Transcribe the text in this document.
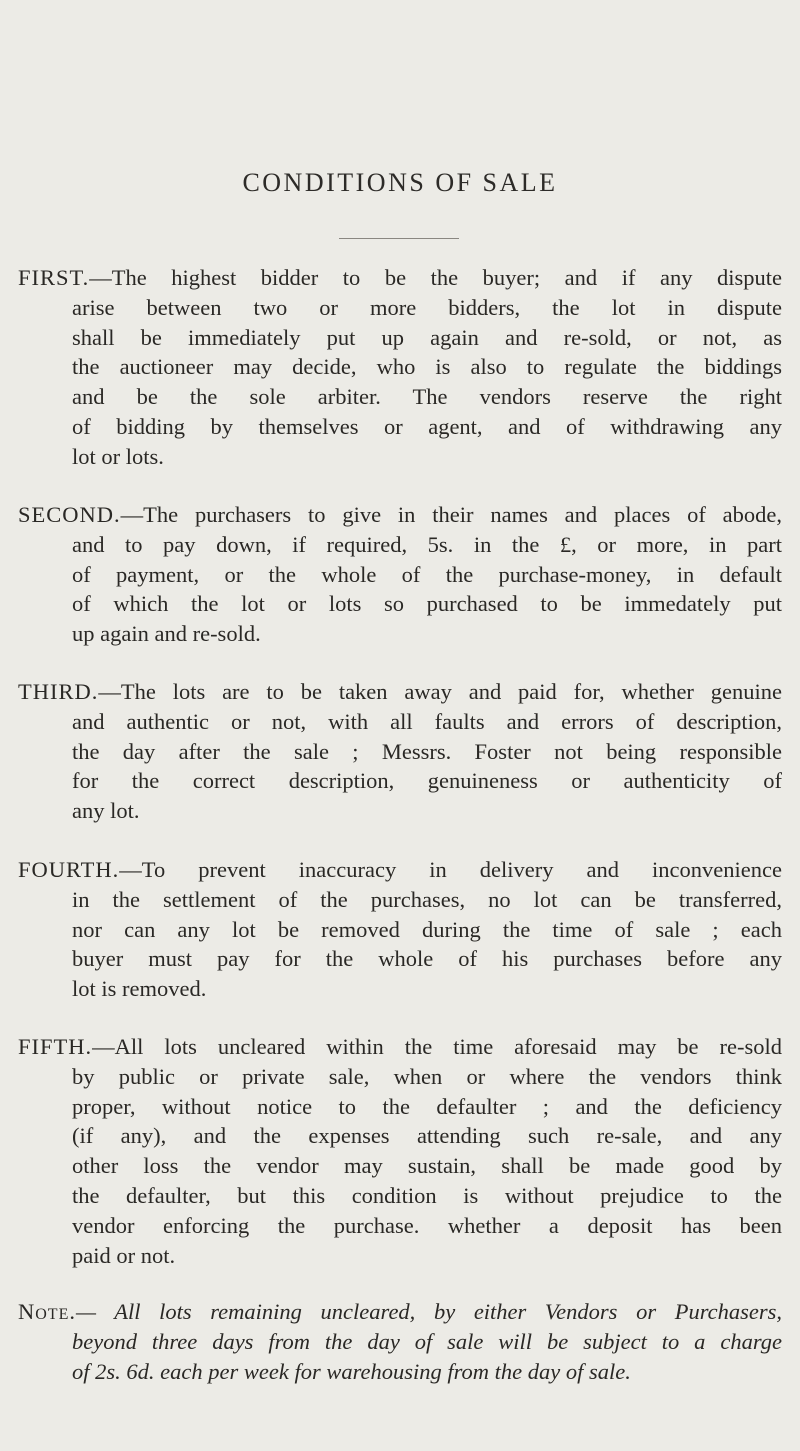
CONDITIONS OF SALE
FIRST.—The highest bidder to be the buyer; and if any dispute
arise between two or more bidders, the lot in dispute
shall be immediately put up again and re-sold, or not, as
the auctioneer may decide, who is also to regulate the biddings
and be the sole arbiter. The vendors reserve the right
of bidding by themselves or agent, and of withdrawing any
lot or lots.
SECOND.—The purchasers to give in their names and places of abode,
and to pay down, if required, 5s. in the £, or more, in part
of payment, or the whole of the purchase-money, in default
of which the lot or lots so purchased to be immedately put
up again and re-sold.
THIRD.—The lots are to be taken away and paid for, whether genuine
and authentic or not, with all faults and errors of description,
the day after the sale ; Messrs. Foster not being responsible
for the correct description, genuineness or authenticity of
any lot.
FOURTH.—To prevent inaccuracy in delivery and inconvenience
in the settlement of the purchases, no lot can be transferred,
nor can any lot be removed during the time of sale ; each
buyer must pay for the whole of his purchases before any
lot is removed.
FIFTH.—All lots uncleared within the time aforesaid may be re-sold
by public or private sale, when or where the vendors think
proper, without notice to the defaulter ; and the deficiency
(if any), and the expenses attending such re-sale, and any
other loss the vendor may sustain, shall be made good by
the defaulter, but this condition is without prejudice to the
vendor enforcing the purchase. whether a deposit has been
paid or not.
Note.— All lots remaining uncleared, by either Vendors or Purchasers,
beyond three days from the day of sale will be subject to a charge
of 2s. 6d. each per week for warehousing from the day of sale.
